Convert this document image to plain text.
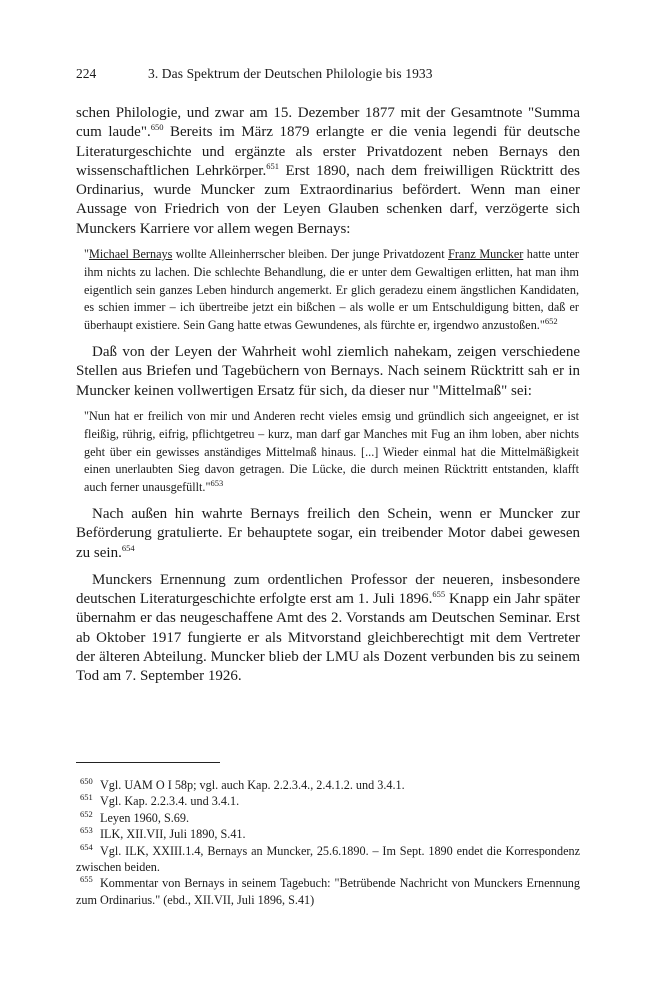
224	3. Das Spektrum der Deutschen Philologie bis 1933

schen Philologie, und zwar am 15. Dezember 1877 mit der Gesamtnote "Summa cum laude".$^{650}$ Bereits im März 1879 erlangte er die venia legendi für deutsche Literaturgeschichte und ergänzte als erster Privatdozent neben Bernays den wissenschaftlichen Lehrkörper.$^{651}$ Erst 1890, nach dem freiwilligen Rücktritt des Ordinarius, wurde Muncker zum Extraordinarius befördert. Wenn man einer Aussage von Friedrich von der Leyen Glauben schenken darf, verzögerte sich Munckers Karriere vor allem wegen Bernays:

"Michael Bernays wollte Alleinherrscher bleiben. Der junge Privatdozent Franz Muncker hatte unter ihm nichts zu lachen. Die schlechte Behandlung, die er unter dem Gewaltigen erlitten, hat man ihm eigentlich sein ganzes Leben hindurch angemerkt. Er glich geradezu einem ängstlichen Kandidaten, es schien immer – ich übertreibe jetzt ein bißchen – als wolle er um Entschuldigung bitten, daß er überhaupt existiere. Sein Gang hatte etwas Gewundenes, als fürchte er, irgendwo anzustoßen."$^{652}$

Daß von der Leyen der Wahrheit wohl ziemlich nahekam, zeigen verschiedene Stellen aus Briefen und Tagebüchern von Bernays. Nach seinem Rücktritt sah er in Muncker keinen vollwertigen Ersatz für sich, da dieser nur "Mittelmaß" sei:

"Nun hat er freilich von mir und Anderen recht vieles emsig und gründlich sich angeeignet, er ist fleißig, rührig, eifrig, pflichtgetreu – kurz, man darf gar Manches mit Fug an ihm loben, aber nichts geht über ein gewisses anständiges Mittelmaß hinaus. [...] Wieder einmal hat die Mittelmäßigkeit einen unerlaubten Sieg davon getragen. Die Lücke, die durch meinen Rücktritt entstanden, klafft auch ferner unausgefüllt."$^{653}$

Nach außen hin wahrte Bernays freilich den Schein, wenn er Muncker zur Beförderung gratulierte. Er behauptete sogar, ein treibender Motor dabei gewesen zu sein.$^{654}$

Munckers Ernennung zum ordentlichen Professor der neueren, insbesondere deutschen Literaturgeschichte erfolgte erst am 1. Juli 1896.$^{655}$ Knapp ein Jahr später übernahm er das neugeschaffene Amt des 2. Vorstands am Deutschen Seminar. Erst ab Oktober 1917 fungierte er als Mitvorstand gleichberechtigt mit dem Vertreter der älteren Abteilung. Muncker blieb der LMU als Dozent verbunden bis zu seinem Tod am 7. September 1926.

$^{650}$ Vgl. UAM O I 58p; vgl. auch Kap. 2.2.3.4., 2.4.1.2. und 3.4.1.

$^{651}$ Vgl. Kap. 2.2.3.4. und 3.4.1.

$^{652}$ Leyen 1960, S.69.

$^{653}$ ILK, XII.VII, Juli 1890, S.41.

$^{654}$ Vgl. ILK, XXIII.1.4, Bernays an Muncker, 25.6.1890. – Im Sept. 1890 endet die Korrespondenz zwischen beiden.

$^{655}$ Kommentar von Bernays in seinem Tagebuch: "Betrübende Nachricht von Munckers Ernennung zum Ordinarius." (ebd., XII.VII, Juli 1896, S.41)
